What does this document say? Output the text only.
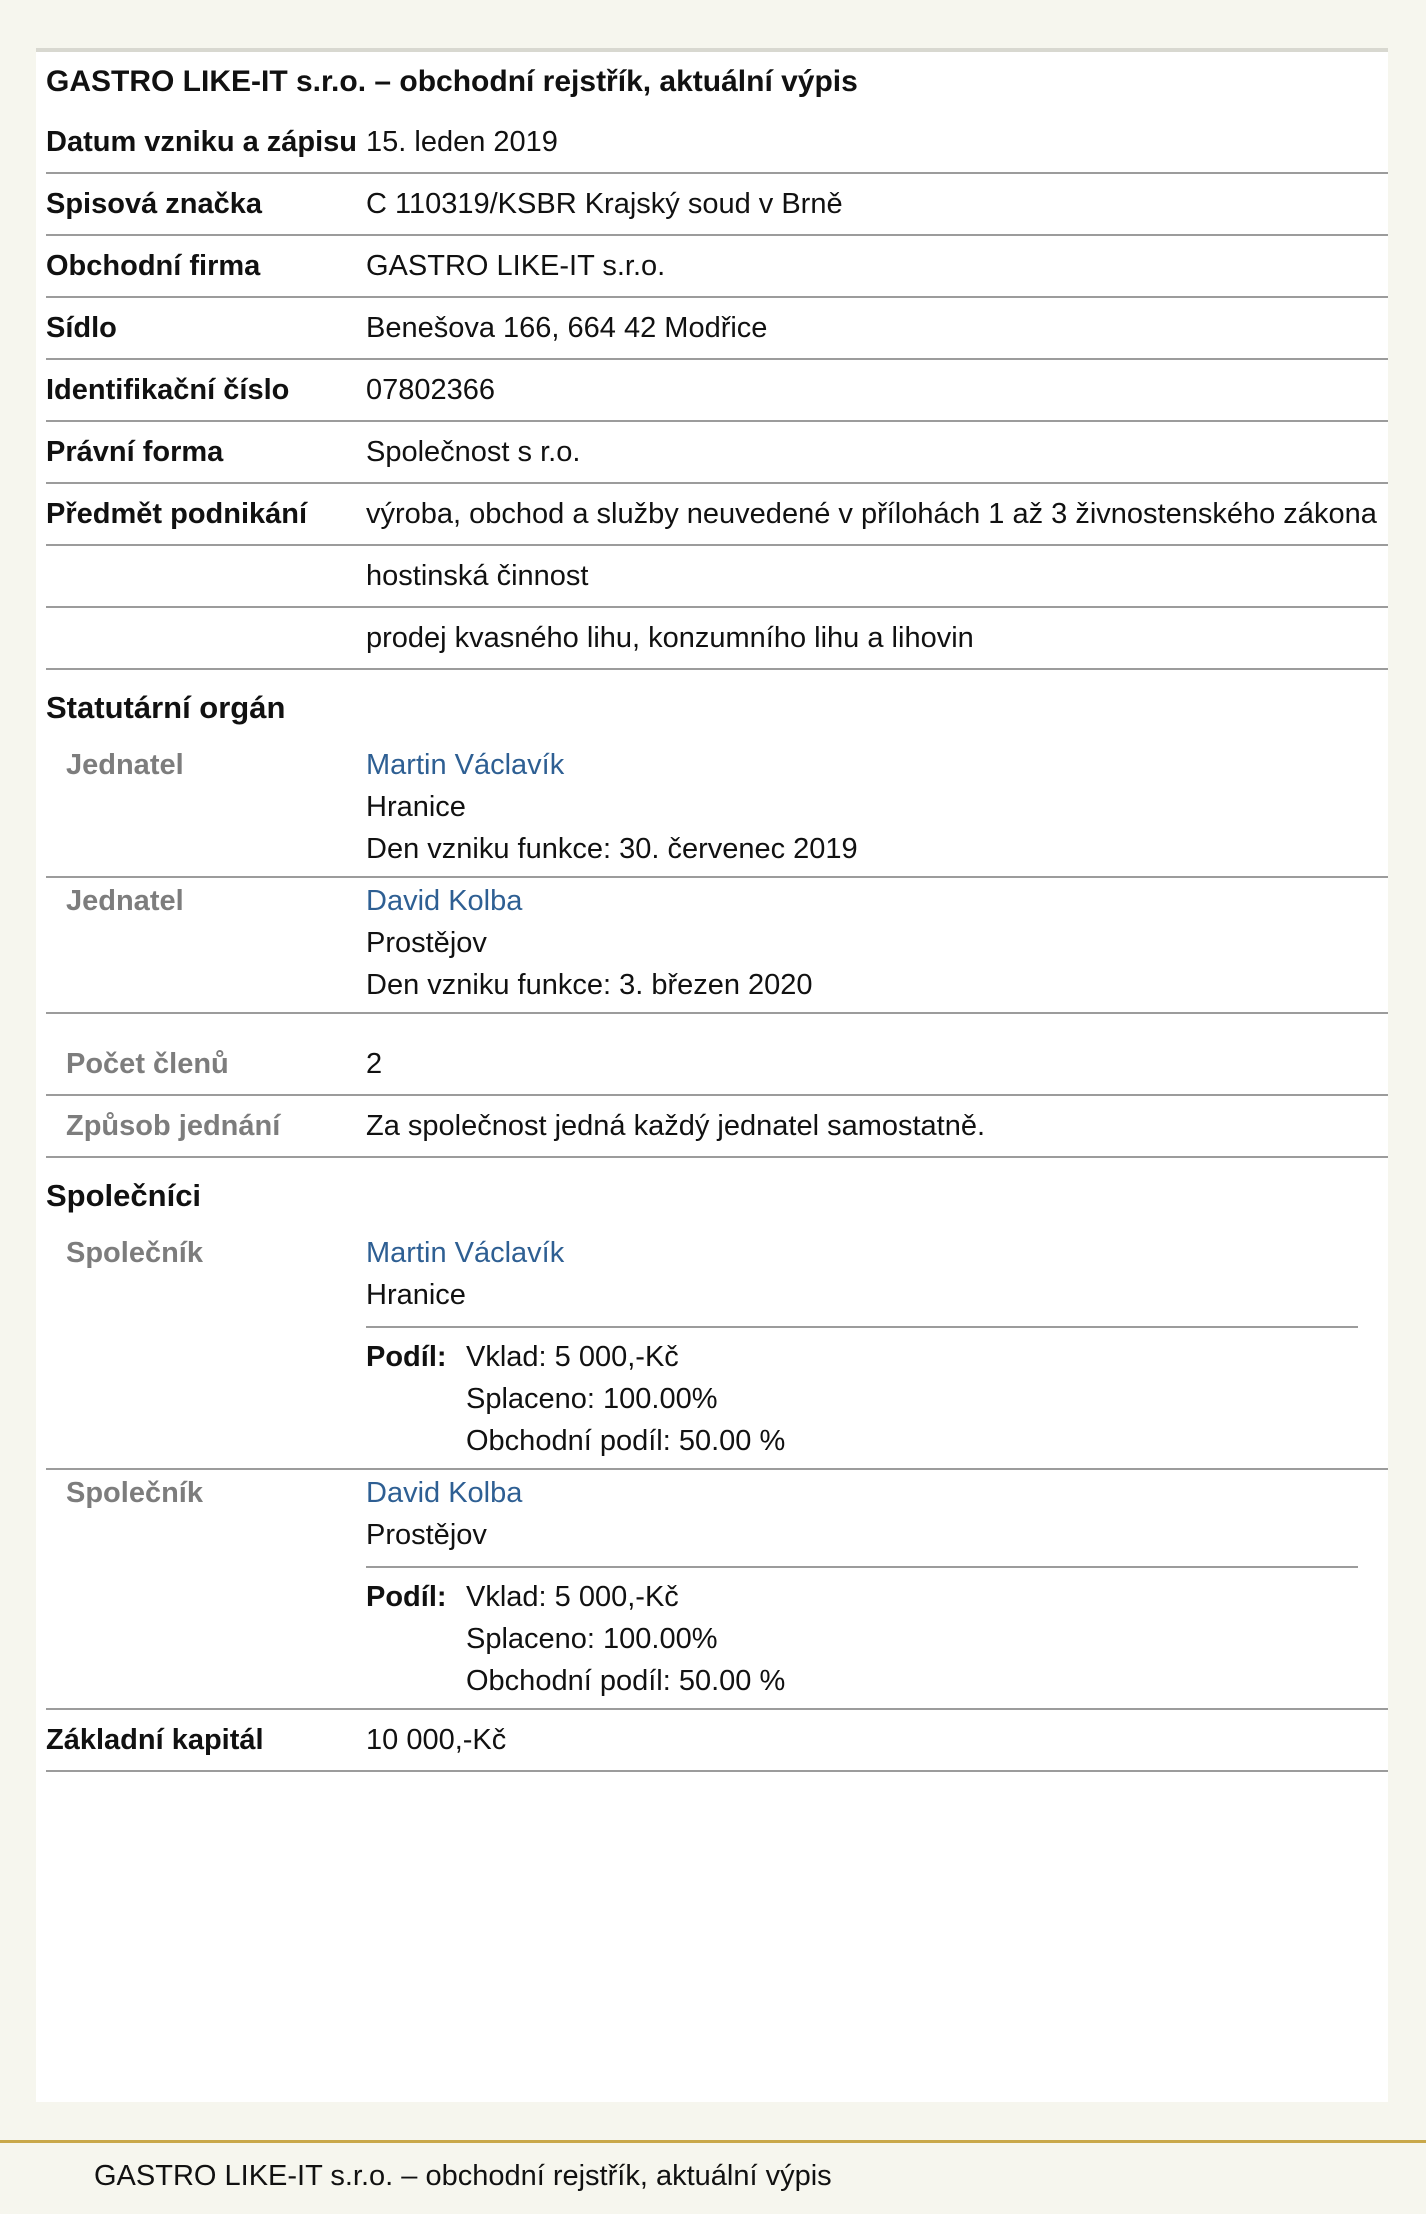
GASTRO LIKE-IT s.r.o. – obchodní rejstřík, aktuální výpis
Datum vzniku a zápisu 15. leden 2019
Spisová značka	C 110319/KSBR Krajský soud v Brně
Obchodní firma	GASTRO LIKE-IT s.r.o.
Sídlo	Benešova 166, 664 42 Modřice
Identifikační číslo	07802366
Právní forma	Společnost s r.o.
Předmět podnikání	výroba, obchod a služby neuvedené v přílohách 1 až 3 živnostenského zákona
hostinská činnost
prodej kvasného lihu, konzumního lihu a lihovin
Statutární orgán
Jednatel	Martin Václavík
Hranice
Den vzniku funkce: 30. červenec 2019
Jednatel	David Kolba
Prostějov
Den vzniku funkce: 3. březen 2020
Počet členů	2
Způsob jednání	Za společnost jedná každý jednatel samostatně.
Společníci
Společník	Martin Václavík
Hranice
Podíl: Vklad: 5 000,-Kč
Splaceno: 100.00%
Obchodní podíl: 50.00 %
Společník	David Kolba
Prostějov
Podíl: Vklad: 5 000,-Kč
Splaceno: 100.00%
Obchodní podíl: 50.00 %
Základní kapitál	10 000,-Kč
GASTRO LIKE-IT s.r.o. – obchodní rejstřík, aktuální výpis
